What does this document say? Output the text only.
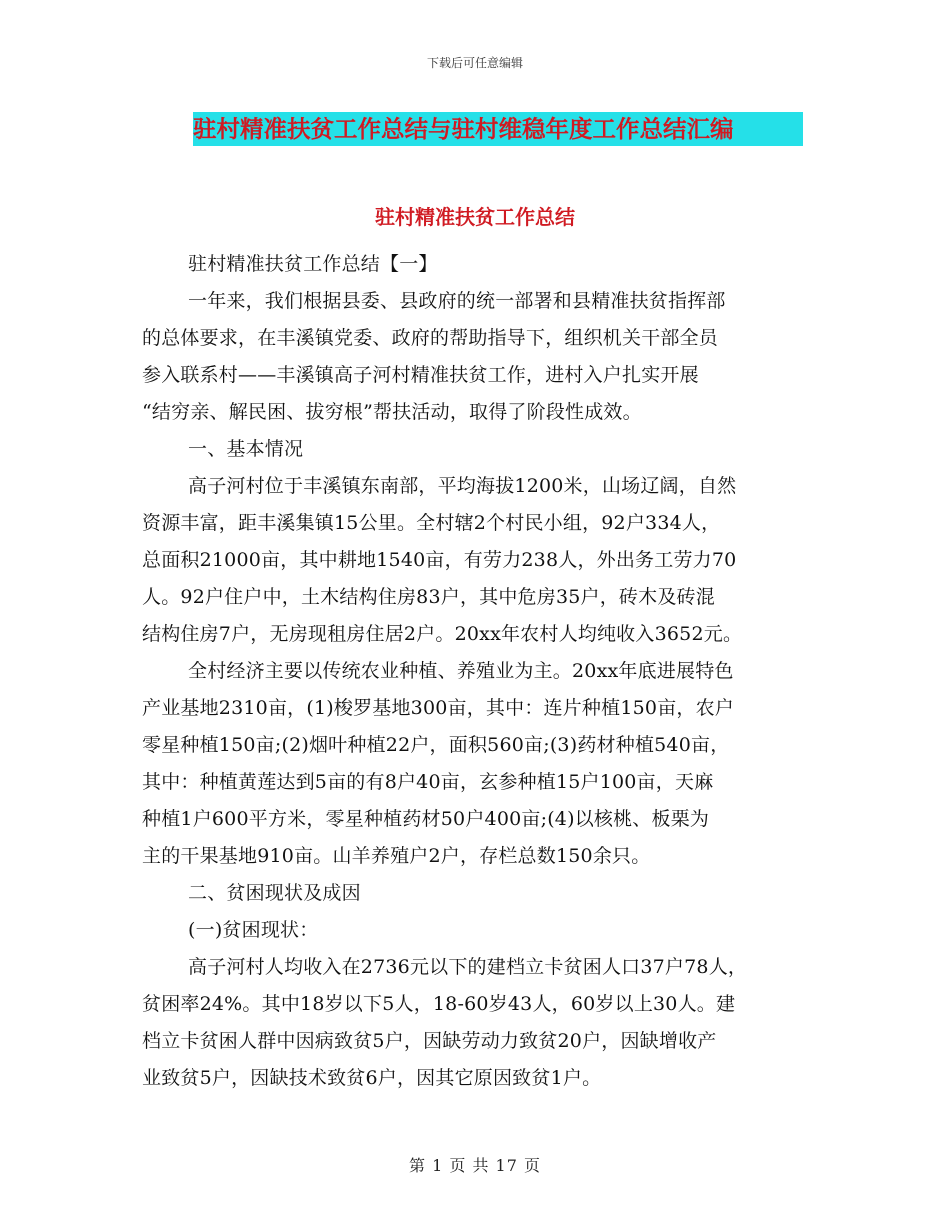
下载后可任意编辑
驻村精准扶贫工作总结与驻村维稳年度工作总结汇编
驻村精准扶贫工作总结
驻村精准扶贫工作总结【一】
一年来，我们根据县委、县政府的统一部署和县精准扶贫指挥部
的总体要求，在丰溪镇党委、政府的帮助指导下，组织机关干部全员
参入联系村——丰溪镇高子河村精准扶贫工作，进村入户扎实开展
“结穷亲、解民困、拔穷根”帮扶活动，取得了阶段性成效。
一、基本情况
高子河村位于丰溪镇东南部，平均海拔1200米，山场辽阔，自然
资源丰富，距丰溪集镇15公里。全村辖2个村民小组，92户334人，
总面积21000亩，其中耕地1540亩，有劳力238人，外出务工劳力70
人。92户住户中，土木结构住房83户，其中危房35户，砖木及砖混
结构住房7户，无房现租房住居2户。20xx年农村人均纯收入3652元。
全村经济主要以传统农业种植、养殖业为主。20xx年底进展特色
产业基地2310亩，(1)梭罗基地300亩，其中：连片种植150亩，农户
零星种植150亩;(2)烟叶种植22户，面积560亩;(3)药材种植540亩，
其中：种植黄莲达到5亩的有8户40亩，玄参种植15户100亩，天麻
种植1户600平方米，零星种植药材50户400亩;(4)以核桃、板栗为
主的干果基地910亩。山羊养殖户2户，存栏总数150余只。
二、贫困现状及成因
(一)贫困现状：
高子河村人均收入在2736元以下的建档立卡贫困人口37户78人，
贫困率24%。其中18岁以下5人，18-60岁43人，60岁以上30人。建
档立卡贫困人群中因病致贫5户，因缺劳动力致贫20户，因缺增收产
业致贫5户，因缺技术致贫6户，因其它原因致贫1户。
第 1 页 共 17 页
